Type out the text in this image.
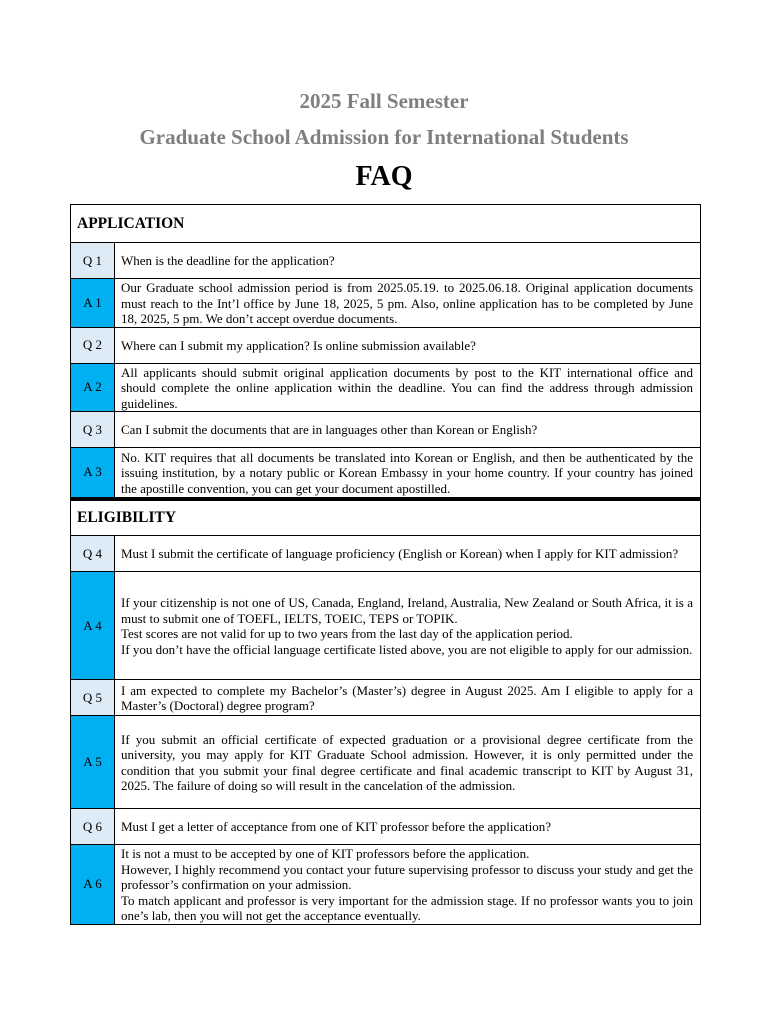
2025 Fall Semester
Graduate School Admission for International Students
FAQ
APPLICATION	
Q 1	When is the deadline for the application?
A 1	Our Graduate school admission period is from 2025.05.19. to 2025.06.18. Original application documents must reach to the Int’l office by June 18, 2025, 5 pm. Also, online application has to be completed by June 18, 2025, 5 pm. We don’t accept overdue documents.
Q 2	Where can I submit my application? Is online submission available?
A 2	All applicants should submit original application documents by post to the KIT international office and should complete the online application within the deadline. You can find the address through admission guidelines.
Q 3	Can I submit the documents that are in languages other than Korean or English?
A 3	No. KIT requires that all documents be translated into Korean or English, and then be authenticated by the issuing institution, by a notary public or Korean Embassy in your home country. If your country has joined the apostille convention, you can get your document apostilled.
ELIGIBILITY	
Q 4	Must I submit the certificate of language proficiency (English or Korean) when I apply for KIT admission?
A 4	If your citizenship is not one of US, Canada, England, Ireland, Australia, New Zealand or South Africa, it is a must to submit one of TOEFL, IELTS, TOEIC, TEPS or TOPIK.
Test scores are not valid for up to two years from the last day of the application period.
If you don’t have the official language certificate listed above, you are not eligible to apply for our admission.

Q 5	I am expected to complete my Bachelor’s (Master’s) degree in August 2025. Am I eligible to apply for a Master’s (Doctoral) degree program?
A 5	If you submit an official certificate of expected graduation or a provisional degree certificate from the university, you may apply for KIT Graduate School admission. However, it is only permitted under the condition that you submit your final degree certificate and final academic transcript to KIT by August 31, 2025. The failure of doing so will result in the cancelation of the admission.
Q 6	Must I get a letter of acceptance from one of KIT professor before the application?
A 6	It is not a must to be accepted by one of KIT professors before the application.
However, I highly recommend you contact your future supervising professor to discuss your study and get the professor’s confirmation on your admission.
To match applicant and professor is very important for the admission stage. If no professor wants you to join one’s lab, then you will not get the acceptance eventually.
